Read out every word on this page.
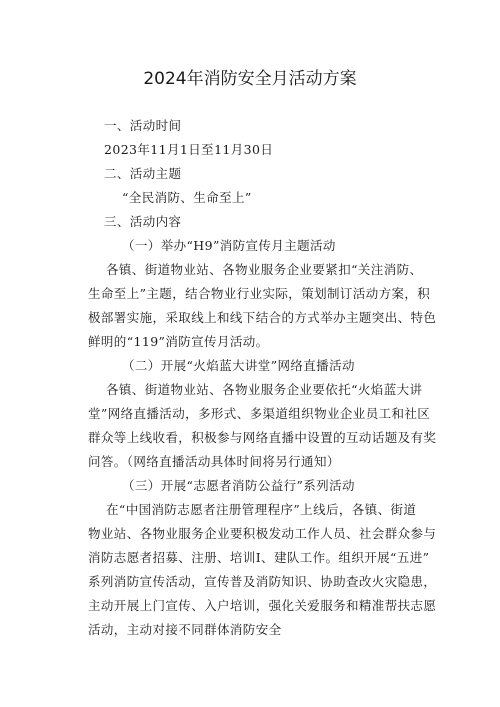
2024年消防安全月活动方案
一、活动时间
2023年11月1日至11月30日
二、活动主题
“全民消防、生命至上”
三、活动内容
（一）举办“H9”消防宣传月主题活动
各镇、街道物业站、各物业服务企业要紧扣“关注消防、
生命至上”主题，结合物业行业实际，策划制订活动方案，积
极部署实施，采取线上和线下结合的方式举办主题突出、特色
鲜明的“119”消防宣传月活动。
（二）开展“火焰蓝大讲堂”网络直播活动
各镇、街道物业站、各物业服务企业要依托“火焰蓝大讲
堂”网络直播活动，多形式、多渠道组织物业企业员工和社区
群众等上线收看，积极参与网络直播中设置的互动话题及有奖
问答。（网络直播活动具体时间将另行通知）
（三）开展“志愿者消防公益行”系列活动
在“中国消防志愿者注册管理程序”上线后，各镇、街道
物业站、各物业服务企业要积极发动工作人员、社会群众参与
消防志愿者招募、注册、培训I、建队工作。组织开展“五进”
系列消防宣传活动，宣传普及消防知识、协助查改火灾隐患，
主动开展上门宣传、入户培训，强化关爱服务和精准帮扶志愿
活动，主动对接不同群体消防安全
